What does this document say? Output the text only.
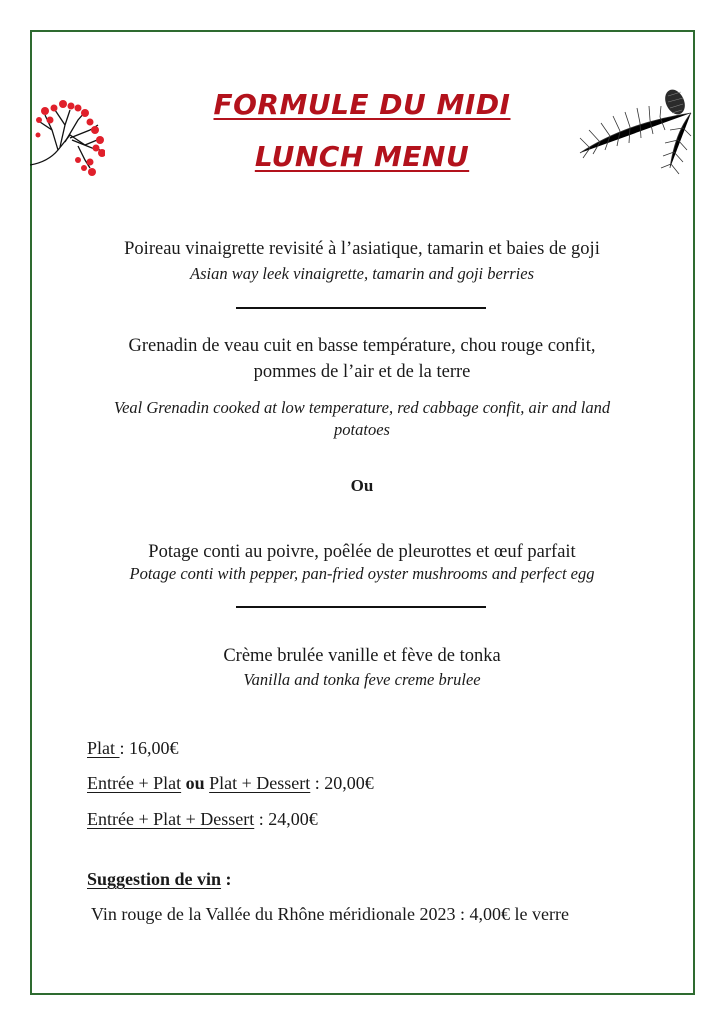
FORMULE DU MIDI
LUNCH MENU
Poireau vinaigrette revisité à l’asiatique, tamarin et baies de goji
Asian way leek vinaigrette, tamarin and goji berries
Grenadin de veau cuit en basse température, chou rouge confit,
pommes de l’air et de la terre
Veal Grenadin cooked at low temperature, red cabbage confit, air and land
potatoes
Ou
Potage conti au poivre, poêlée de pleurottes et œuf parfait
Potage conti with pepper, pan-fried oyster mushrooms and perfect egg
Crème brulée vanille et fève de tonka
Vanilla and tonka feve creme brulee
Plat : 16,00€
Entrée + Plat ou Plat + Dessert : 20,00€
Entrée + Plat + Dessert : 24,00€
Suggestion de vin :
Vin rouge de la Vallée du Rhône méridionale 2023 : 4,00€ le verre
